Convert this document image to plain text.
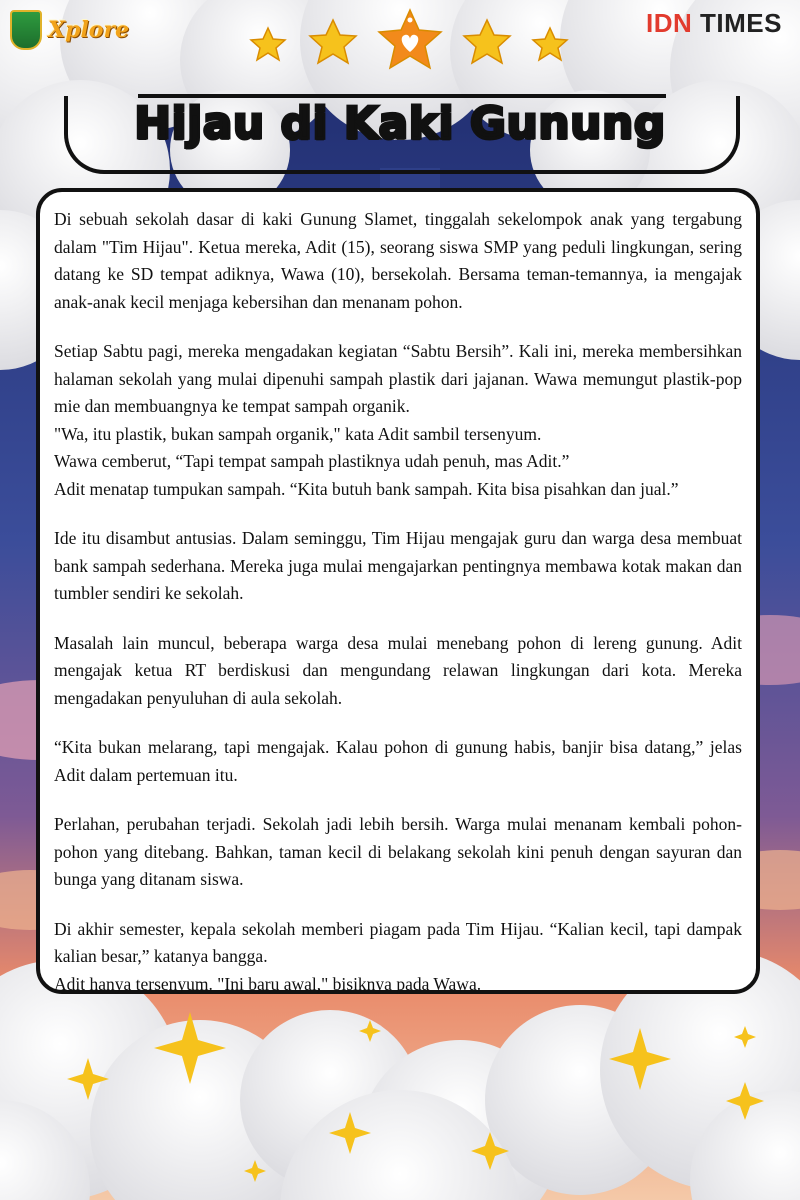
Xplore	IDN TIMES
Hijau di Kaki Gunung

Di sebuah sekolah dasar di kaki Gunung Slamet, tinggalah sekelompok anak yang tergabung dalam "Tim Hijau". Ketua mereka, Adit (15), seorang siswa SMP yang peduli lingkungan, sering datang ke SD tempat adiknya, Wawa (10), bersekolah. Bersama teman-temannya, ia mengajak anak-anak kecil menjaga kebersihan dan menanam pohon.

Setiap Sabtu pagi, mereka mengadakan kegiatan “Sabtu Bersih”. Kali ini, mereka membersihkan halaman sekolah yang mulai dipenuhi sampah plastik dari jajanan. Wawa memungut plastik-pop mie dan membuangnya ke tempat sampah organik.
"Wa, itu plastik, bukan sampah organik," kata Adit sambil tersenyum.
Wawa cemberut, “Tapi tempat sampah plastiknya udah penuh, mas Adit.”
Adit menatap tumpukan sampah. “Kita butuh bank sampah. Kita bisa pisahkan dan jual.”

Ide itu disambut antusias. Dalam seminggu, Tim Hijau mengajak guru dan warga desa membuat bank sampah sederhana. Mereka juga mulai mengajarkan pentingnya membawa kotak makan dan tumbler sendiri ke sekolah.

Masalah lain muncul, beberapa warga desa mulai menebang pohon di lereng gunung. Adit mengajak ketua RT berdiskusi dan mengundang relawan lingkungan dari kota. Mereka mengadakan penyuluhan di aula sekolah.

“Kita bukan melarang, tapi mengajak. Kalau pohon di gunung habis, banjir bisa datang,” jelas Adit dalam pertemuan itu.

Perlahan, perubahan terjadi. Sekolah jadi lebih bersih. Warga mulai menanam kembali pohon-pohon yang ditebang. Bahkan, taman kecil di belakang sekolah kini penuh dengan sayuran dan bunga yang ditanam siswa.

Di akhir semester, kepala sekolah memberi piagam pada Tim Hijau. “Kalian kecil, tapi dampak kalian besar,” katanya bangga.
Adit hanya tersenyum. "Ini baru awal," bisiknya pada Wawa.
